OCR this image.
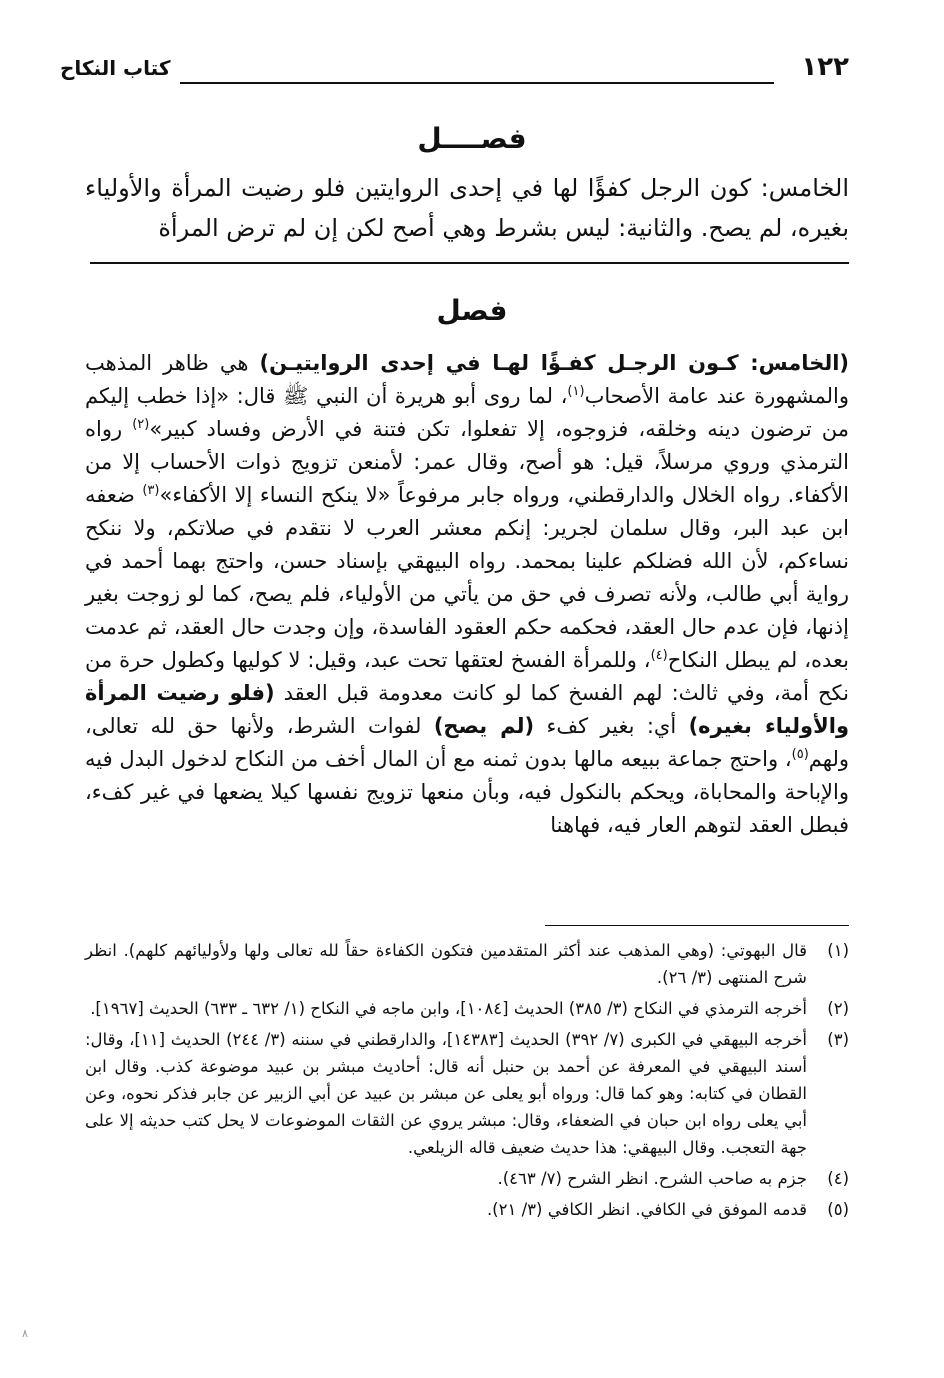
١٢٢
كتاب النكاح
فصــــل
الخامس: كون الرجل كفؤًا لها في إحدى الروايتين فلو رضيت المرأة والأولياء بغيره، لم يصح. والثانية: ليس بشرط وهي أصح لكن إن لم ترض المرأة
فصل

(الخامس: كـون الرجـل كفـؤًا لهـا في إحدى الروايتيـن) هي ظاهر المذهب والمشهورة عند عامة الأصحاب$^{(١)}$، لما روى أبو هريرة أن النبي ﷺ قال: «إذا خطب إليكم من ترضون دينه وخلقه، فزوجوه، إلا تفعلوا، تكن فتنة في الأرض وفساد كبير»$^{(٢)}$ رواه الترمذي وروي مرسلاً، قيل: هو أصح، وقال عمر: لأمنعن تزويج ذوات الأحساب إلا من الأكفاء. رواه الخلال والدارقطني، ورواه جابر مرفوعاً «لا ينكح النساء إلا الأكفاء»$^{(٣)}$ ضعفه ابن عبد البر، وقال سلمان لجرير: إنكم معشر العرب لا نتقدم في صلاتكم، ولا ننكح نساءكم، لأن الله فضلكم علينا بمحمد. رواه البيهقي بإسناد حسن، واحتج بهما أحمد في رواية أبي طالب، ولأنه تصرف في حق من يأتي من الأولياء، فلم يصح، كما لو زوجت بغير إذنها، فإن عدم حال العقد، فحكمه حكم العقود الفاسدة، وإن وجدت حال العقد، ثم عدمت بعده، لم يبطل النكاح$^{(٤)}$، وللمرأة الفسخ لعتقها تحت عبد، وقيل: لا كوليها وكطول حرة من نكح أمة، وفي ثالث: لهم الفسخ كما لو كانت معدومة قبل العقد (فلو رضيت المرأة والأولياء بغيره) أي: بغير كفء (لم يصح) لفوات الشرط، ولأنها حق لله تعالى، ولهم$^{(٥)}$، واحتج جماعة ببيعه مالها بدون ثمنه مع أن المال أخف من النكاح لدخول البدل فيه والإباحة والمحاباة، ويحكم بالنكول فيه، وبأن منعها تزويج نفسها كيلا يضعها في غير كفء، فبطل العقد لتوهم العار فيه، فهاهنا

(١)
قال البهوتي: (وهي المذهب عند أكثر المتقدمين فتكون الكفاءة حقاً لله تعالى ولها ولأوليائهم كلهم). انظر شرح المنتهى (٣/ ٢٦).
(٢)
أخرجه الترمذي في النكاح (٣/ ٣٨٥) الحديث [١٠٨٤]، وابن ماجه في النكاح (١/ ٦٣٢ ـ ٦٣٣) الحديث [١٩٦٧].
(٣)
أخرجه البيهقي في الكبرى (٧/ ٣٩٢) الحديث [١٤٣٨٣]، والدارقطني في سننه (٣/ ٢٤٤) الحديث [١١]، وقال: أسند البيهقي في المعرفة عن أحمد بن حنبل أنه قال: أحاديث مبشر بن عبيد موضوعة كذب. وقال ابن القطان في كتابه: وهو كما قال: ورواه أبو يعلى عن مبشر بن عبيد عن أبي الزبير عن جابر فذكر نحوه، وعن أبي يعلى رواه ابن حبان في الضعفاء، وقال: مبشر يروي عن الثقات الموضوعات لا يحل كتب حديثه إلا على جهة التعجب. وقال البيهقي: هذا حديث ضعيف قاله الزيلعي.
(٤)
جزم به صاحب الشرح. انظر الشرح (٧/ ٤٦٣).
(٥)
قدمه الموفق في الكافي. انظر الكافي (٣/ ٢١).
٨
